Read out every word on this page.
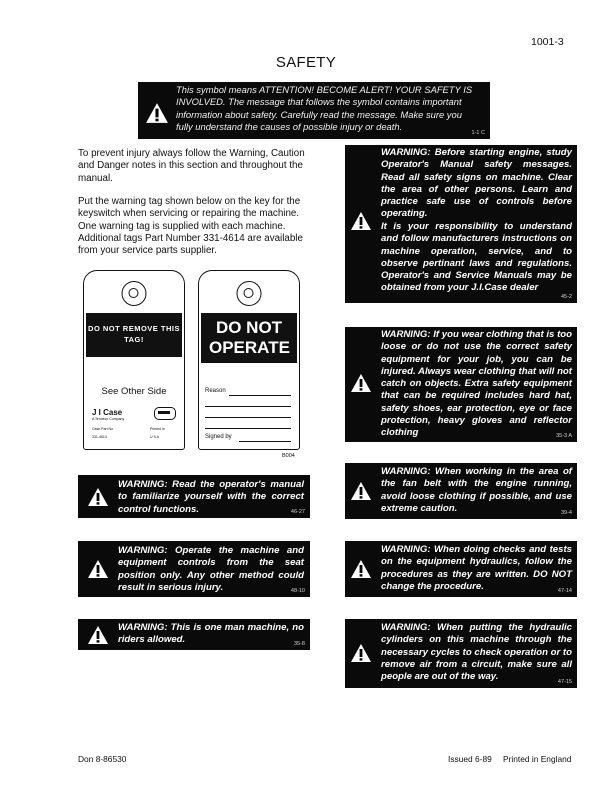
1001-3
SAFETY
This symbol means ATTENTION! BECOME ALERT! YOUR SAFETY IS INVOLVED. The message that follows the symbol contains important information about safety. Carefully read the message. Make sure you fully understand the causes of possible injury or death.
1-1 C
To prevent injury always follow the Warning, Caution and Danger notes in this section and throughout the manual.
Put the warning tag shown below on the key for the keyswitch when servicing or repairing the machine. One warning tag is supplied with each machine. Additional tags Part Number 331-4614 are available from your service parts supplier.
DO NOT REMOVE THIS TAG!
See Other Side
J I Case
A Tenneco Company
Case Part No
331-4614
Printed in
U S A
DO NOT OPERATE
Reason
Signed by
B004
WARNING: Read the operator's manual to familiarize yourself with the correct control functions.	46-27
WARNING: Operate the machine and equipment controls from the seat position only. Any other method could result in serious injury.	48-10
WARNING: This is one man machine, no riders allowed.	35-8
WARNING: Before starting engine, study Operator's Manual safety messages. Read all safety signs on machine. Clear the area of other persons. Learn and practice safe use of controls before operating.
It is your responsibility to understand and follow manufacturers instructions on machine operation, service, and to observe pertinant laws and regulations. Operator's and Service Manuals may be obtained from your J.I.Case dealer
45-2
WARNING: If you wear clothing that is too loose or do not use the correct safety equipment for your job, you can be injured. Always wear clothing that will not catch on objects. Extra safety equipment that can be required includes hard hat, safety shoes, ear protection, eye or face protection, heavy gloves and reflector clothing	35-3 A
WARNING: When working in the area of the fan belt with the engine running, avoid loose clothing if possible, and use extreme caution.	39-4
WARNING: When doing checks and tests on the equipment hydraulics, follow the procedures as they are written. DO NOT change the procedure.	47-14
WARNING: When putting the hydraulic cylinders on this machine through the necessary cycles to check operation or to remove air from a circuit, make sure all people are out of the way.	47-15
Don 8-86530	Issued 6-89 Printed in England
